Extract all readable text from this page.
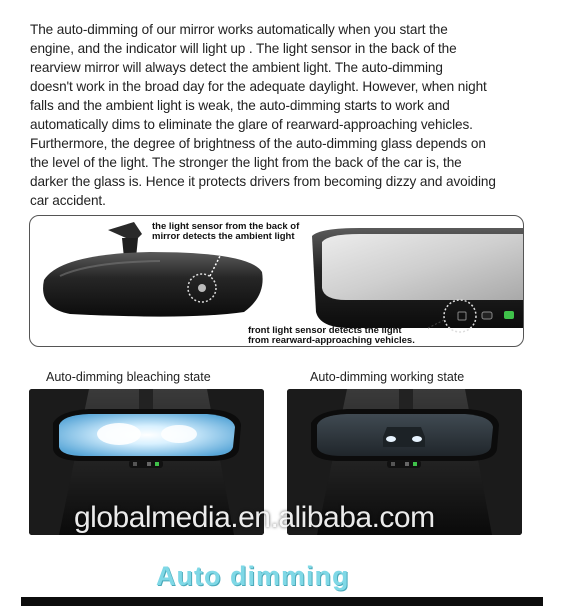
The auto-dimming of our mirror works automatically when you start the
engine, and the indicator will light up . The light sensor in the back of the
rearview mirror will always detect the ambient light. The auto-dimming
doesn't work in the broad day for the adequate daylight. However, when night
falls and the ambient light is weak, the auto-dimming starts to work and
automatically dims to eliminate the glare of rearward-approaching vehicles.
Furthermore, the degree of brightness of the auto-dimming glass depends on
the level of the light. The stronger the light from the back of the car is, the
darker the glass is. Hence it protects drivers from becoming dizzy and avoiding
car accident.
the light sensor from the back of
mirror detects the ambient light
front light sensor detects the light
from rearward-approaching vehicles.
Auto-dimming bleaching state	Auto-dimming working state
globalmedia.en.alibaba.com
Auto dimming
